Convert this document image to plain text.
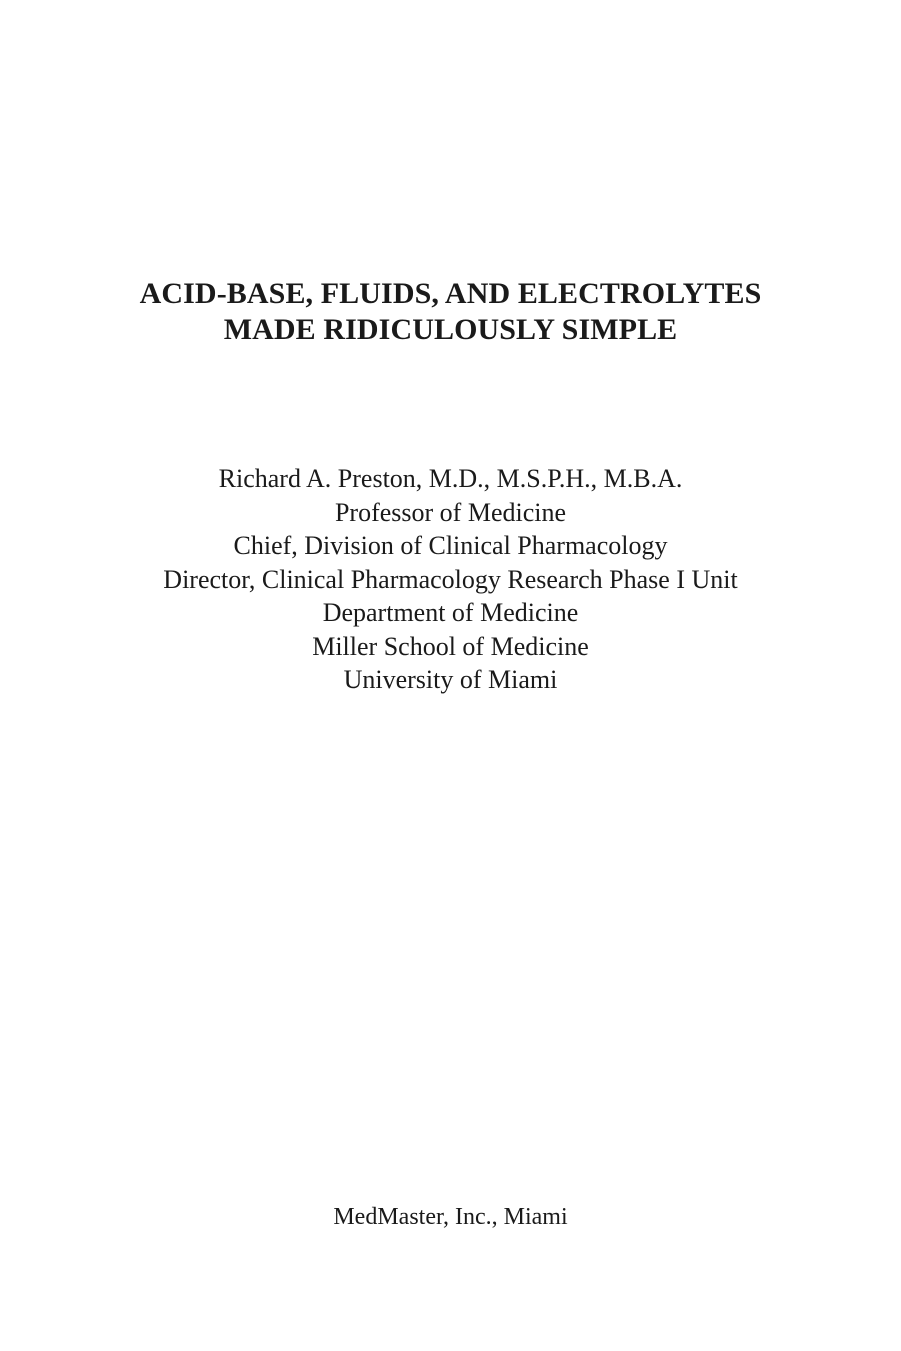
ACID-BASE, FLUIDS, AND ELECTROLYTES
MADE RIDICULOUSLY SIMPLE
Richard A. Preston, M.D., M.S.P.H., M.B.A.
Professor of Medicine
Chief, Division of Clinical Pharmacology
Director, Clinical Pharmacology Research Phase I Unit
Department of Medicine
Miller School of Medicine
University of Miami
MedMaster, Inc., Miami
